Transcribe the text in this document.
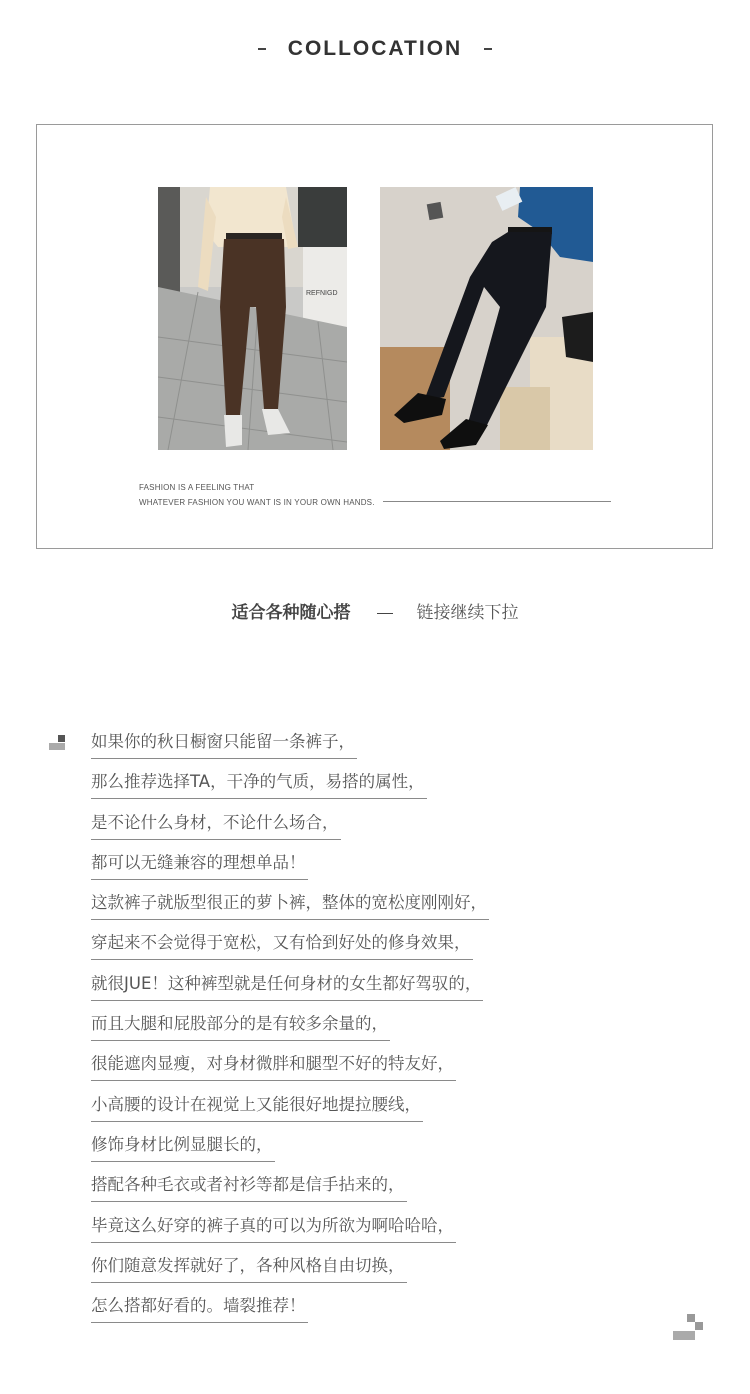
COLLOCATION
REFNIGD
FASHION IS A FEELING THAT
WHATEVER FASHION YOU WANT IS IN YOUR OWN HANDS.
适合各种随心搭	链接继续下拉
如果你的秋日橱窗只能留一条裤子，
那么推荐选择TA，干净的气质，易搭的属性，
是不论什么身材，不论什么场合，
都可以无缝兼容的理想单品！
这款裤子就版型很正的萝卜裤，整体的宽松度刚刚好，
穿起来不会觉得于宽松，又有恰到好处的修身效果，
就很JUE！这种裤型就是任何身材的女生都好驾驭的，
而且大腿和屁股部分的是有较多余量的，
很能遮肉显瘦，对身材微胖和腿型不好的特友好，
小高腰的设计在视觉上又能很好地提拉腰线，
修饰身材比例显腿长的，
搭配各种毛衣或者衬衫等都是信手拈来的，
毕竟这么好穿的裤子真的可以为所欲为啊哈哈哈，
你们随意发挥就好了，各种风格自由切换，
怎么搭都好看的。墙裂推荐！
